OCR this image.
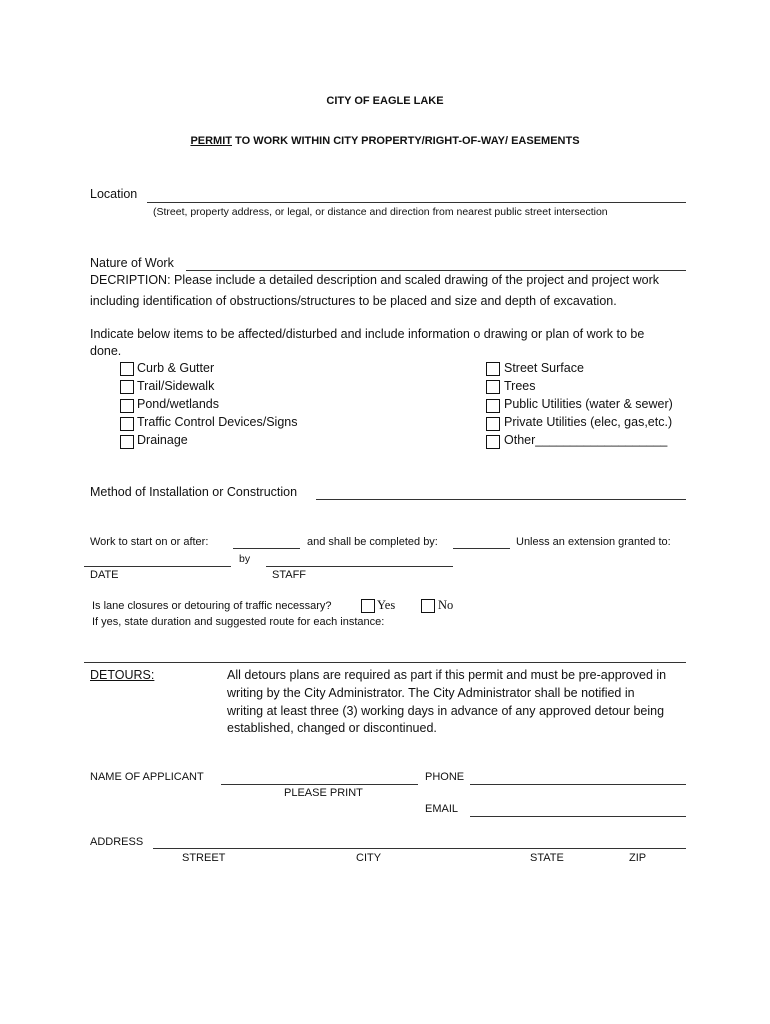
CITY OF EAGLE LAKE
PERMIT TO WORK WITHIN CITY PROPERTY/RIGHT-OF-WAY/ EASEMENTS
Location
(Street, property address, or legal, or distance and direction from nearest public street intersection
Nature of Work
DECRIPTION: Please include a detailed description and scaled drawing of the project and project work
including identification of obstructions/structures to be placed and size and depth of excavation.
Indicate below items to be affected/disturbed and include information o drawing or plan of work to be
done.
Curb & Gutter
Trail/Sidewalk
Pond/wetlands
Traffic Control Devices/Signs
Drainage
Street Surface
Trees
Public Utilities (water & sewer)
Private Utilities (elec, gas,etc.)
Other___________________
Method of Installation or Construction
Work to start on or after:	and shall be completed by:	Unless an extension granted to:
by
DATE	STAFF
Is lane closures or detouring of traffic necessary?	Yes	No
If yes, state duration and suggested route for each instance:
DETOURS:	All detours plans are required as part if this permit and must be pre-approved in
writing by the City Administrator. The City Administrator shall be notified in
writing at least three (3) working days in advance of any approved detour being
established, changed or discontinued.
NAME OF APPLICANT	PHONE
PLEASE PRINT
EMAIL
ADDRESS
STREET	CITY	STATE	ZIP
